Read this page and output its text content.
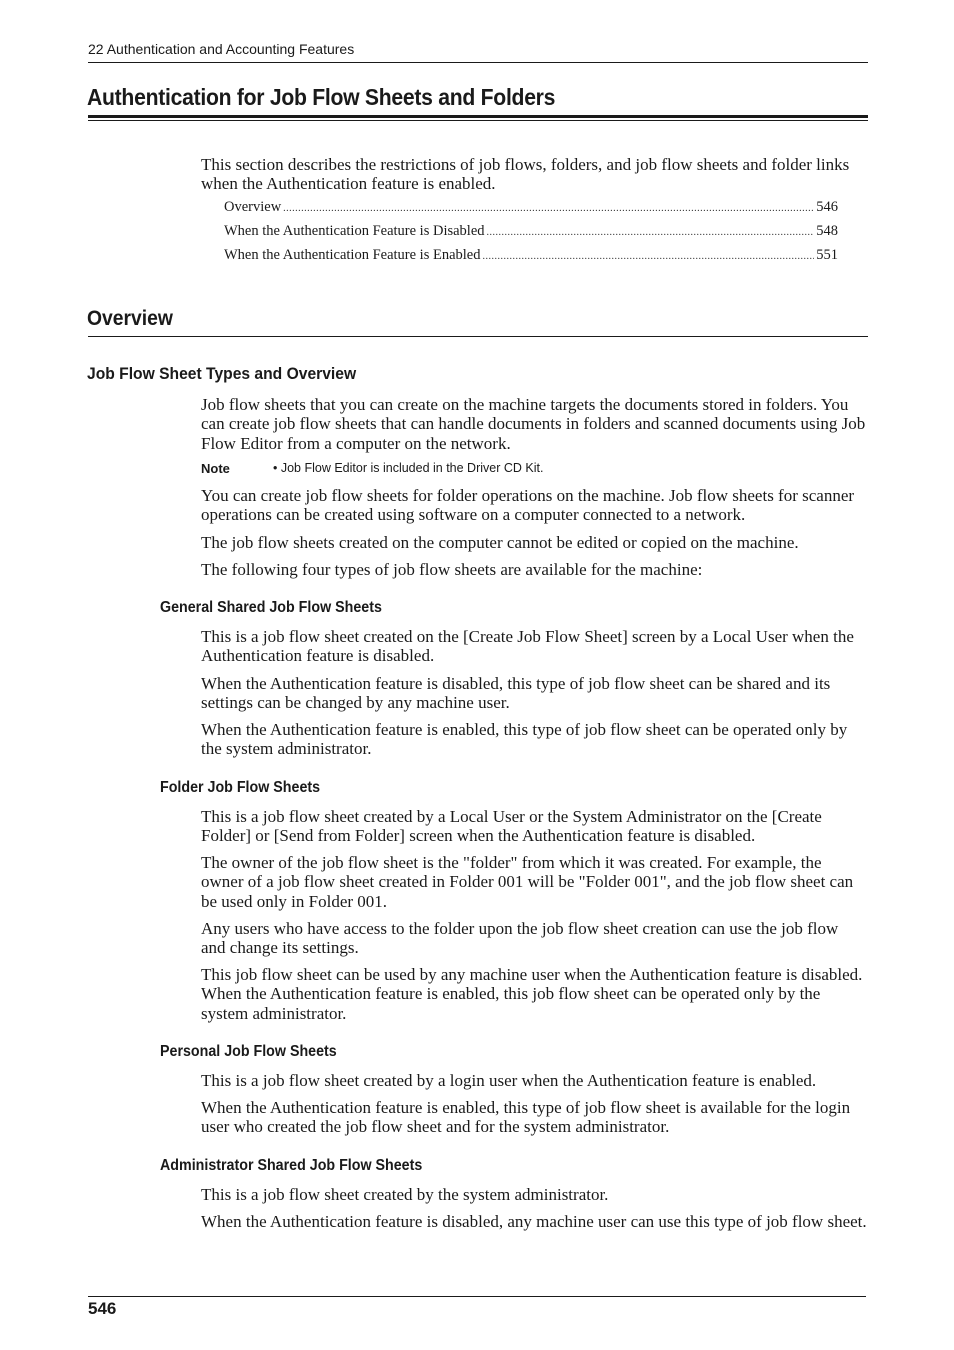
22 Authentication and Accounting Features
Authentication for Job Flow Sheets and Folders

This section describes the restrictions of job flows, folders, and job flow sheets and folder links when the Authentication feature is enabled.

Overview .....	546
When the Authentication Feature is Disabled .....	548
When the Authentication Feature is Enabled .....	551
Overview
Job Flow Sheet Types and Overview

Job flow sheets that you can create on the machine targets the documents stored in folders. You can create job flow sheets that can handle documents in folders and scanned documents using Job Flow Editor from a computer on the network.

Note	• Job Flow Editor is included in the Driver CD Kit.

You can create job flow sheets for folder operations on the machine. Job flow sheets for scanner operations can be created using software on a computer connected to a network.

The job flow sheets created on the computer cannot be edited or copied on the machine.

The following four types of job flow sheets are available for the machine:

General Shared Job Flow Sheets

This is a job flow sheet created on the [Create Job Flow Sheet] screen by a Local User when the Authentication feature is disabled.

When the Authentication feature is disabled, this type of job flow sheet can be shared and its settings can be changed by any machine user.

When the Authentication feature is enabled, this type of job flow sheet can be operated only by the system administrator.

Folder Job Flow Sheets

This is a job flow sheet created by a Local User or the System Administrator on the [Create Folder] or [Send from Folder] screen when the Authentication feature is disabled.

The owner of the job flow sheet is the "folder" from which it was created. For example, the owner of a job flow sheet created in Folder 001 will be "Folder 001", and the job flow sheet can be used only in Folder 001.

Any users who have access to the folder upon the job flow sheet creation can use the job flow and change its settings.

This job flow sheet can be used by any machine user when the Authentication feature is disabled. When the Authentication feature is enabled, this job flow sheet can be operated only by the system administrator.

Personal Job Flow Sheets

This is a job flow sheet created by a login user when the Authentication feature is enabled.

When the Authentication feature is enabled, this type of job flow sheet is available for the login user who created the job flow sheet and for the system administrator.

Administrator Shared Job Flow Sheets

This is a job flow sheet created by the system administrator.

When the Authentication feature is disabled, any machine user can use this type of job flow sheet.

546
